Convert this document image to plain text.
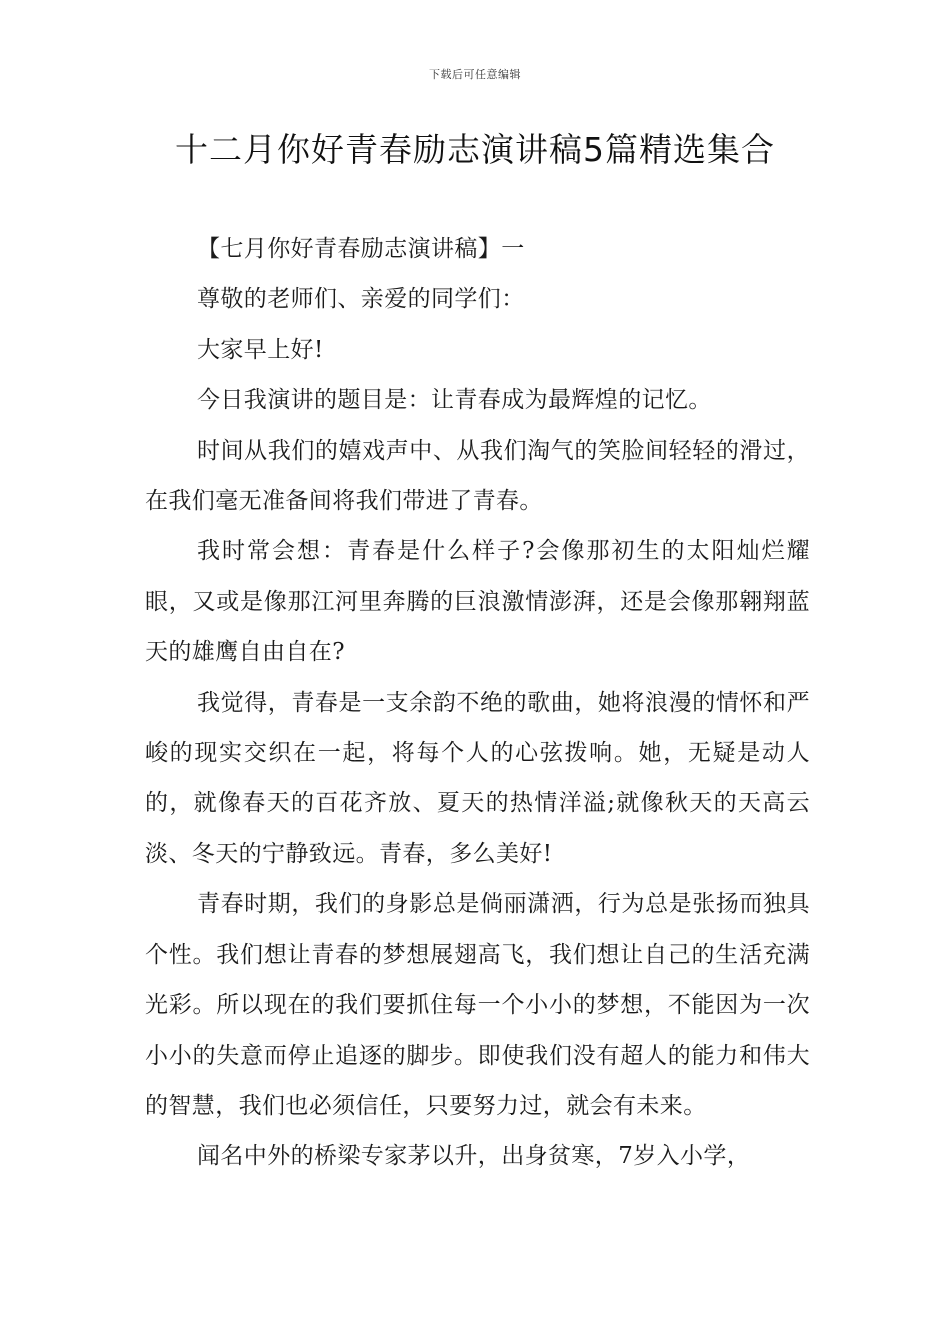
下载后可任意编辑
十二月你好青春励志演讲稿5篇精选集合

【七月你好青春励志演讲稿】一

尊敬的老师们、亲爱的同学们：

大家早上好!

今日我演讲的题目是：让青春成为最辉煌的记忆。

时间从我们的嬉戏声中、从我们淘气的笑脸间轻轻的滑过，在我们毫无准备间将我们带进了青春。

我时常会想：青春是什么样子?会像那初生的太阳灿烂耀眼，又或是像那江河里奔腾的巨浪激情澎湃，还是会像那翱翔蓝天的雄鹰自由自在?

我觉得，青春是一支余韵不绝的歌曲，她将浪漫的情怀和严峻的现实交织在一起，将每个人的心弦拨响。她，无疑是动人的，就像春天的百花齐放、夏天的热情洋溢;就像秋天的天高云淡、冬天的宁静致远。青春，多么美好!

青春时期，我们的身影总是倘丽潇洒，行为总是张扬而独具个性。我们想让青春的梦想展翅高飞，我们想让自己的生活充满光彩。所以现在的我们要抓住每一个小小的梦想，不能因为一次小小的失意而停止追逐的脚步。即使我们没有超人的能力和伟大的智慧，我们也必须信任，只要努力过，就会有未来。

闻名中外的桥梁专家茅以升，出身贫寒，7岁入小学，
